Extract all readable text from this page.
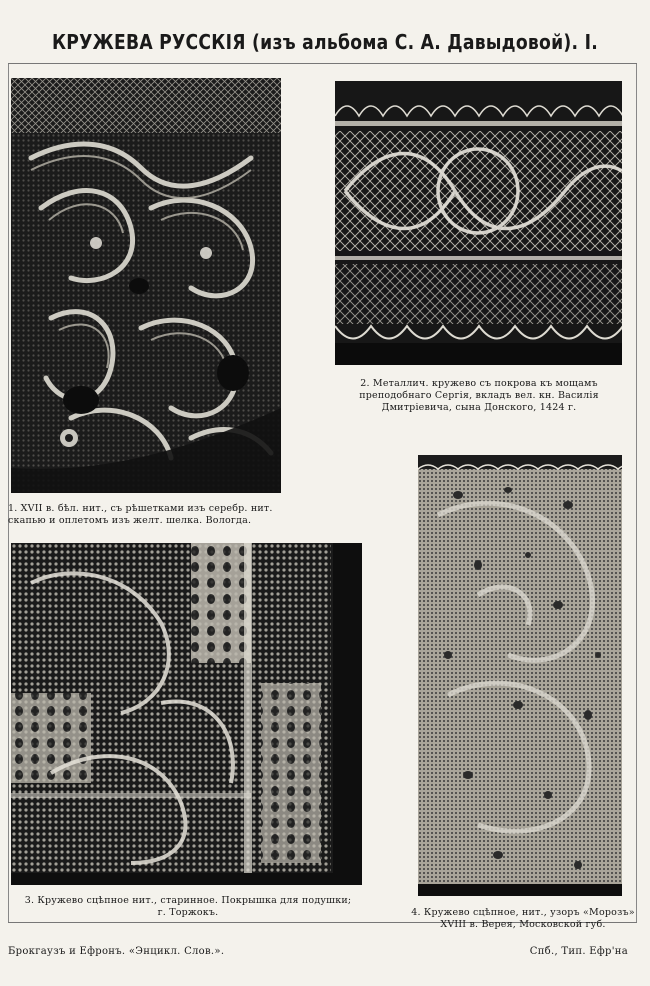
КРУЖЕВА РУССКІЯ (изъ альбома С. А. Давыдовой). I.
1. XVII в. бѣл. нит., съ рѣшетками изъ серебр. нит. скапью и оплетомъ изъ желт. шелка. Вологда.
2. Металлич. кружево съ покрова къ мощамъ преподобнаго Сергія, вкладъ вел. кн. Василія Дмитріевича, сына Донского, 1424 г.
3. Кружево сцѣпное нит., старинное. Покрышка для подушки; г. Торжокъ.	4. Кружево сцѣпное, нит., узоръ «Морозъ» XVIII в. Верея, Московской губ.
Брокгаузъ и Ефронъ. «Энцикл. Слов.».	Спб., Тип. Ефр'на
